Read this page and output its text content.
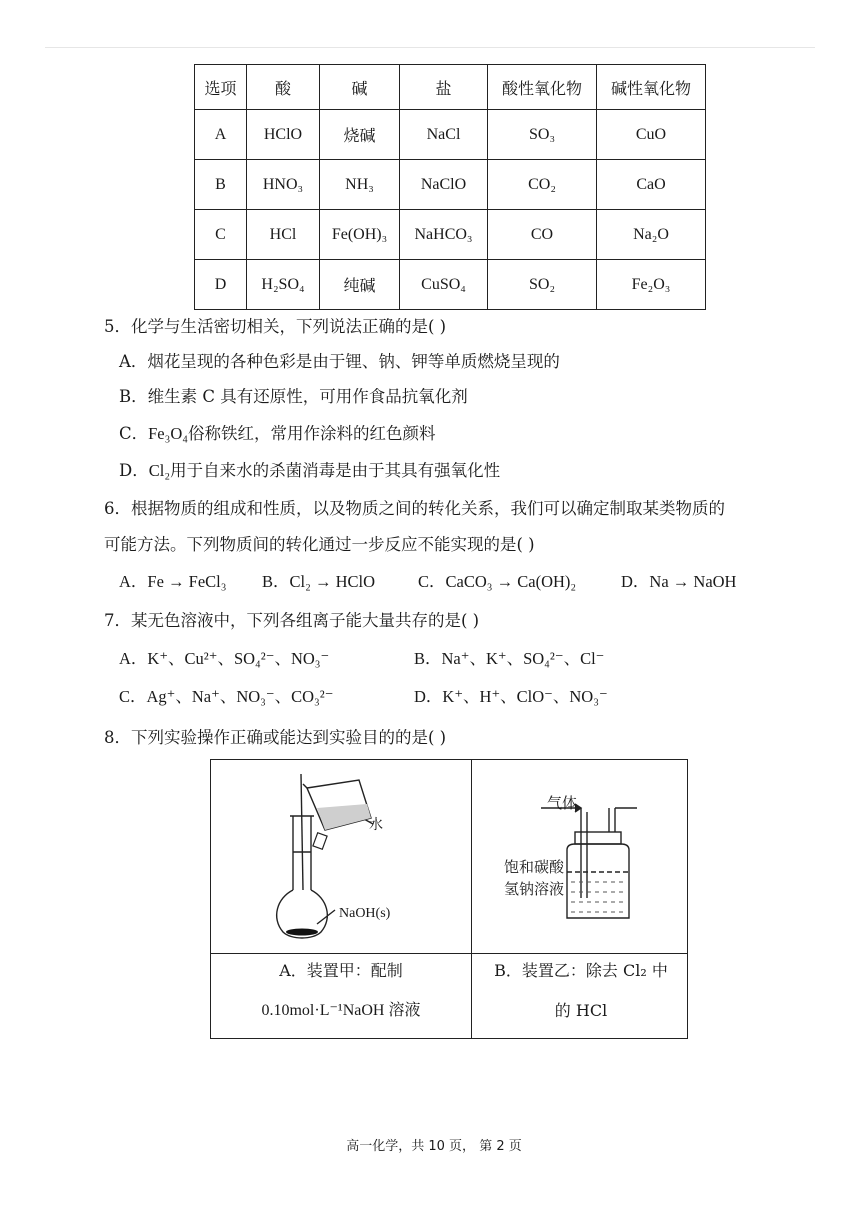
选项	酸	碱	盐	酸性氧化物	碱性氧化物
A	HClO	烧碱	NaCl	SO₃	CuO
B	HNO₃	NH₃	NaClO	CO₂	CaO
C	HCl	Fe(OH)₃	NaHCO₃	CO	Na₂O
D	H₂SO₄	纯碱	CuSO₄	SO₂	Fe₂O₃
5．化学与生活密切相关，下列说法正确的是( )
A．烟花呈现的各种色彩是由于锂、钠、钾等单质燃烧呈现的
B．维生素 C 具有还原性，可用作食品抗氧化剂
C．Fe₃O₄俗称铁红，常用作涂料的红色颜料
D．Cl₂用于自来水的杀菌消毒是由于其具有强氧化性
6．根据物质的组成和性质，以及物质之间的转化关系，我们可以确定制取某类物质的
可能方法。下列物质间的转化通过一步反应不能实现的是( )
A．Fe → FeCl₃ B．Cl₂ → HClO	C．CaCO₃ → Ca(OH)₂	D．Na → NaOH
7．某无色溶液中，下列各组离子能大量共存的是( )
A．K⁺、Cu²⁺、SO₄²⁻、NO₃⁻	B．Na⁺、K⁺、SO₄²⁻、Cl⁻
C．Ag⁺、Na⁺、NO₃⁻、CO₃²⁻	D．K⁺、H⁺、ClO⁻、NO₃⁻
8．下列实验操作正确或能达到实验目的的是( )
水
NaOH(s)
气体
饱和碳酸
氢钠溶液
A．装置甲：配制
0.10mol·L⁻¹NaOH 溶液
B．装置乙：除去 Cl₂ 中
的 HCl
高一化学，共 10 页， 第 2 页
